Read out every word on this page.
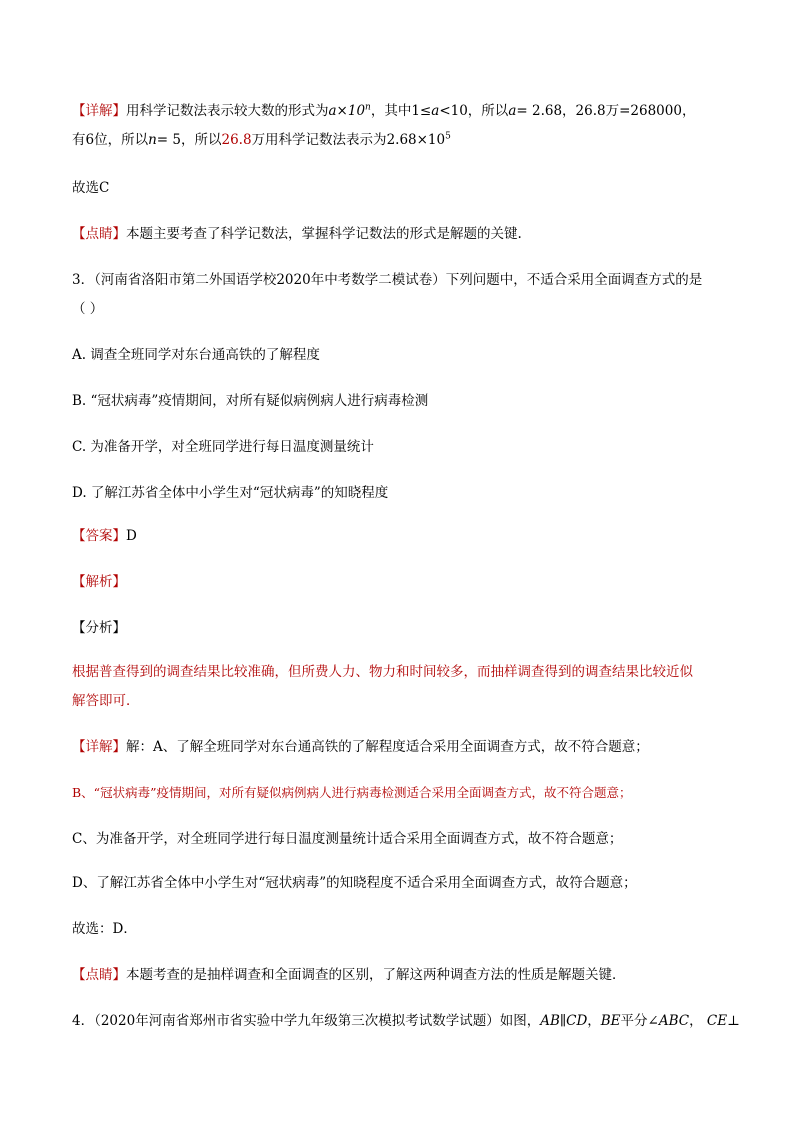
【详解】用科学记数法表示较大数的形式为$a\times 10^n$，其中1≤a<10，所以a= 2.68，26.8万=268000，
有6位，所以n= 5，所以26.8万用科学记数法表示为$2.68\times 10^5$
故选C
【点睛】本题主要考查了科学记数法，掌握科学记数法的形式是解题的关键.
3．（河南省洛阳市第二外国语学校2020年中考数学二模试卷）下列问题中，不适合采用全面调查方式的是
（ ）
A. 调查全班同学对东台通高铁的了解程度
B. “冠状病毒”疫情期间，对所有疑似病例病人进行病毒检测
C. 为准备开学，对全班同学进行每日温度测量统计
D. 了解江苏省全体中小学生对“冠状病毒”的知晓程度
【答案】D
【解析】
【分析】
根据普查得到的调查结果比较准确，但所费人力、物力和时间较多，而抽样调查得到的调查结果比较近似
解答即可．
【详解】解：A、了解全班同学对东台通高铁的了解程度适合采用全面调查方式，故不符合题意；
B、“冠状病毒”疫情期间，对所有疑似病例病人进行病毒检测适合采用全面调查方式，故不符合题意；
C、为准备开学，对全班同学进行每日温度测量统计适合采用全面调查方式，故不符合题意；
D、了解江苏省全体中小学生对“冠状病毒”的知晓程度不适合采用全面调查方式，故符合题意；
故选：D．
【点睛】本题考查的是抽样调查和全面调查的区别，了解这两种调查方法的性质是解题关键．
4．（2020年河南省郑州市省实验中学九年级第三次模拟考试数学试题）如图，AB∥CD，BE平分∠ABC， CE⊥
